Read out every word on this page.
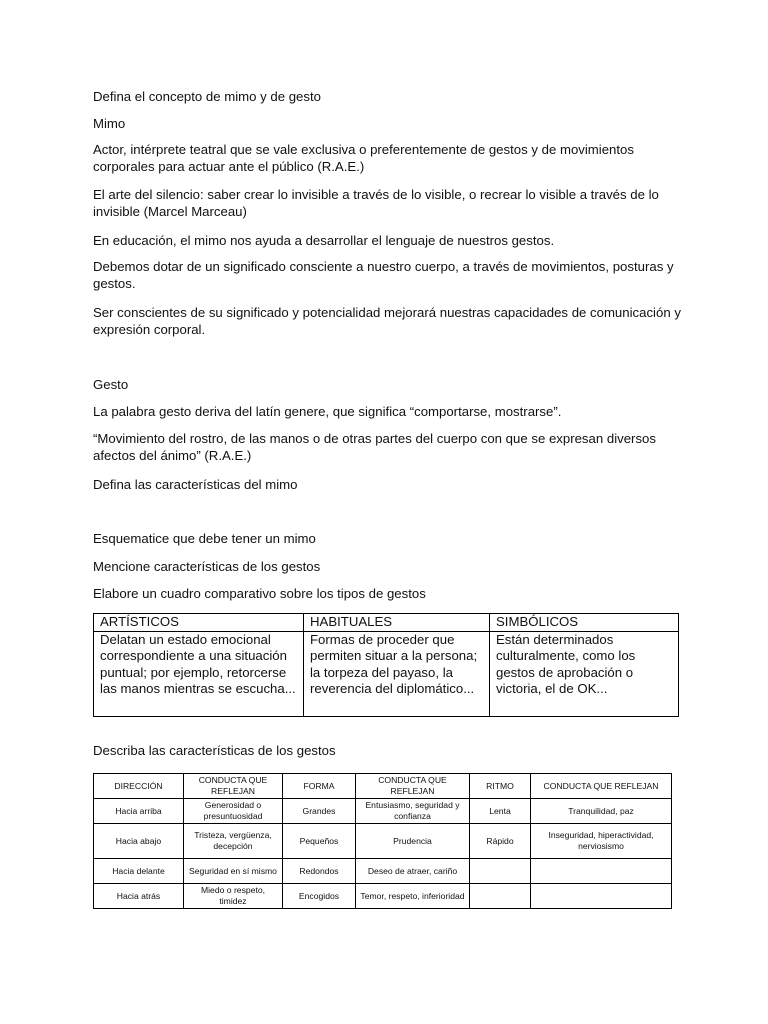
Defina el concepto de mimo y de gesto

Mimo

Actor, intérprete teatral que se vale exclusiva o preferentemente de gestos y de movimientos corporales para actuar ante el público (R.A.E.)

El arte del silencio: saber crear lo invisible a través de lo visible, o recrear lo visible a través de lo invisible (Marcel Marceau)

En educación, el mimo nos ayuda a desarrollar el lenguaje de nuestros gestos.

Debemos dotar de un significado consciente a nuestro cuerpo, a través de movimientos, posturas y gestos.

Ser conscientes de su significado y potencialidad mejorará nuestras capacidades de comunicación y expresión corporal.

Gesto

La palabra gesto deriva del latín genere, que significa “comportarse, mostrarse”.

“Movimiento del rostro, de las manos o de otras partes del cuerpo con que se expresan diversos afectos del ánimo” (R.A.E.)

Defina las características del mimo

Esquematice que debe tener un mimo

Mencione características de los gestos

Elabore un cuadro comparativo sobre los tipos de gestos

ARTÍSTICOS	HABITUALES	SIMBÓLICOS
Delatan un estado emocional correspondiente a una situación puntual; por ejemplo, retorcerse las manos mientras se escucha...	Formas de proceder que permiten situar a la persona; la torpeza del payaso, la reverencia del diplomático...	Están determinados culturalmente, como los gestos de aprobación o victoria, el de OK...

Describa las características de los gestos

DIRECCIÓN	CONDUCTA QUE REFLEJAN	FORMA	CONDUCTA QUE REFLEJAN	RITMO	CONDUCTA QUE REFLEJAN
Hacia arriba	Generosidad o presuntuosidad	Grandes	Entusiasmo, seguridad y confianza	Lenta	Tranquilidad, paz
Hacia abajo	Tristeza, vergüenza, decepción	Pequeños	Prudencia	Rápido	Inseguridad, hiperactividad, nerviosismo
Hacia delante	Seguridad en sí mismo	Redondos	Deseo de atraer, cariño		
Hacia atrás	Miedo o respeto, timidez	Encogidos	Temor, respeto, inferioridad		
